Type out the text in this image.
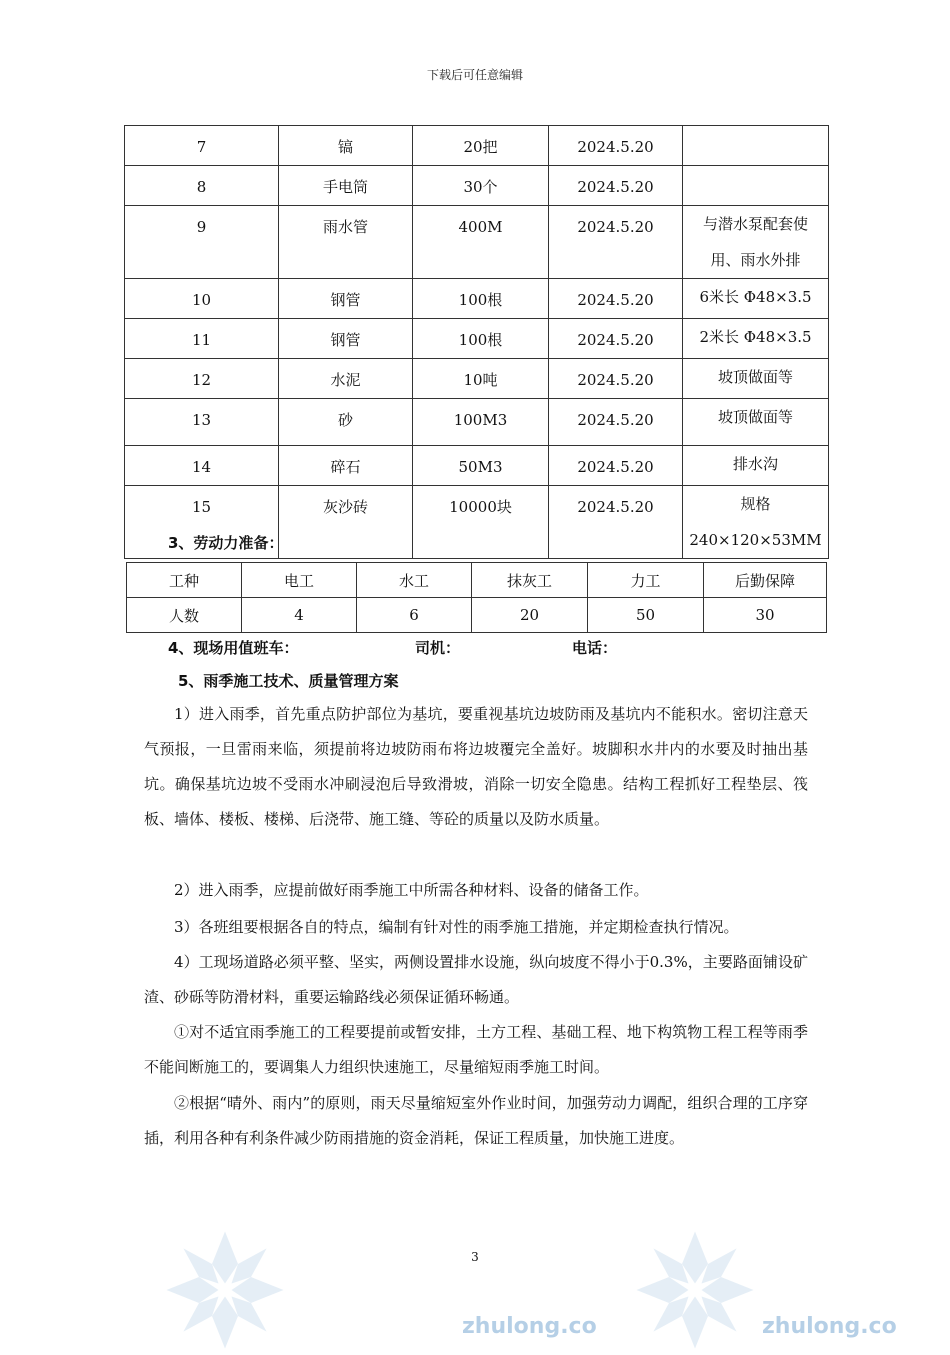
下载后可任意编辑
7	镐	20把	2024.5.20	
8	手电筒	30个	2024.5.20	
9	雨水管	400M	2024.5.20	与潜水泵配套使
用、雨水外排

10	钢管	100根	2024.5.20	6米长 Φ48×3.5

11	钢管	100根	2024.5.20	2米长 Φ48×3.5

12	水泥	10吨	2024.5.20	坡顶做面等

13	砂	100M3	2024.5.20	坡顶做面等

14	碎石	50M3	2024.5.20	排水沟

15	灰沙砖	10000块	2024.5.20	规格
240×120×53MM
3、劳动力准备：
工种	电工	水工	抹灰工	力工	后勤保障
人数	4	6	20	50	30
4、现场用值班车：	司机：	电话：
5、雨季施工技术、质量管理方案
1）进入雨季，首先重点防护部位为基坑，要重视基坑边坡防雨及基坑内不能积水。密切注意天气预报，一旦雷雨来临，须提前将边坡防雨布将边坡覆完全盖好。坡脚积水井内的水要及时抽出基坑。确保基坑边坡不受雨水冲刷浸泡后导致滑坡，消除一切安全隐患。结构工程抓好工程垫层、筏板、墙体、楼板、楼梯、后浇带、施工缝、等砼的质量以及防水质量。
2）进入雨季，应提前做好雨季施工中所需各种材料、设备的储备工作。
3）各班组要根据各自的特点，编制有针对性的雨季施工措施，并定期检查执行情况。
4）工现场道路必须平整、坚实，两侧设置排水设施，纵向坡度不得小于0.3%，主要路面铺设矿渣、砂砾等防滑材料，重要运输路线必须保证循环畅通。
①对不适宜雨季施工的工程要提前或暂安排，土方工程、基础工程、地下构筑物工程工程等雨季不能间断施工的，要调集人力组织快速施工，尽量缩短雨季施工时间。
②根据“晴外、雨内”的原则，雨天尽量缩短室外作业时间，加强劳动力调配，组织合理的工序穿插，利用各种有利条件减少防雨措施的资金消耗，保证工程质量，加快施工进度。
3
zhulong.co	zhulong.co
